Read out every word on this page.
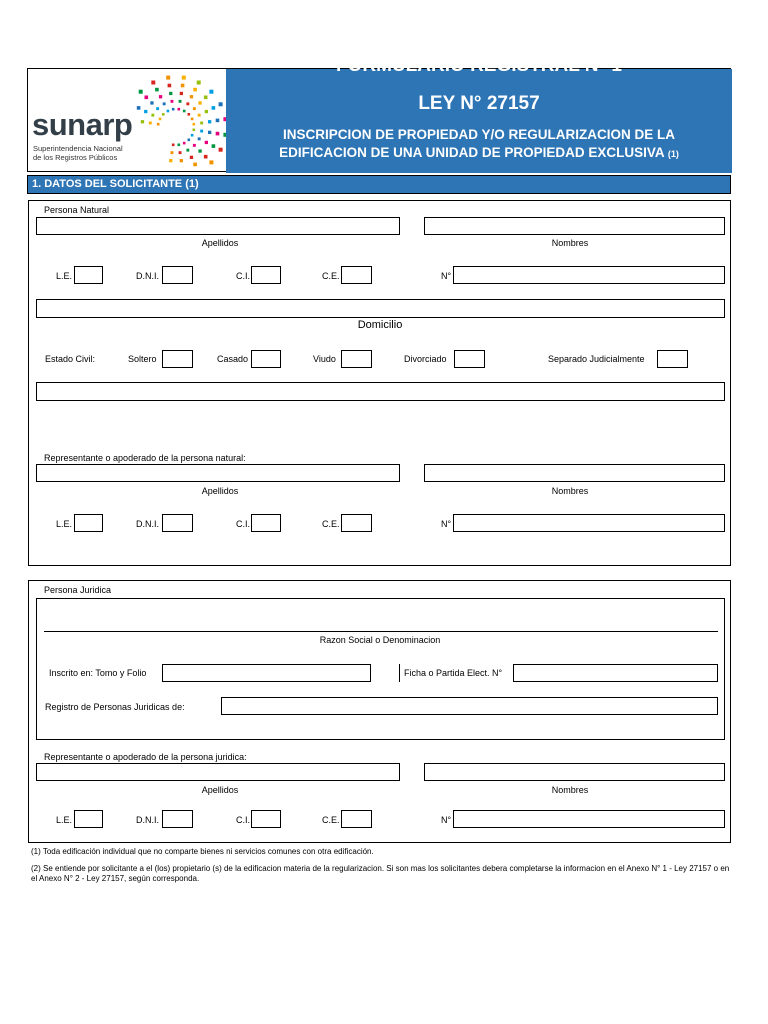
sunarp
Superintendencia Nacional
de los Registros Públicos
FORMULARIO REGISTRAL N° 1
LEY N° 27157
INSCRIPCION DE PROPIEDAD Y/O REGULARIZACION DE LA
EDIFICACION DE UNA UNIDAD DE PROPIEDAD EXCLUSIVA (1)
1. DATOS DEL SOLICITANTE (1)
Persona Natural
Apellidos	Nombres
L.E.	D.N.I.	C.I.	C.E.	N°
Domicilio
Estado Civil:	Soltero	Casado	Viudo	Divorciado	Separado Judicialmente
Representante o apoderado de la persona natural:
Apellidos	Nombres
L.E.	D.N.I.	C.I.	C.E.	N°
Persona Juridica
Razon Social o Denominacion
Inscrito en: Tomo y Folio	Ficha o Partida Elect. N°
Registro de Personas Juridicas de:
Representante o apoderado de la persona juridica:
Apellidos	Nombres
L.E.	D.N.I.	C.I.	C.E.	N°
(1) Toda edificación individual que no comparte bienes ni servicios comunes con otra edificación.
(2) Se entiende por solicitante a el (los) propietario (s) de la edificacion materia de la regularizacion. Si son mas los solicitantes debera completarse la informacion en el Anexo N° 1 - Ley 27157 o en el Anexo N° 2 - Ley 27157, según corresponda.
